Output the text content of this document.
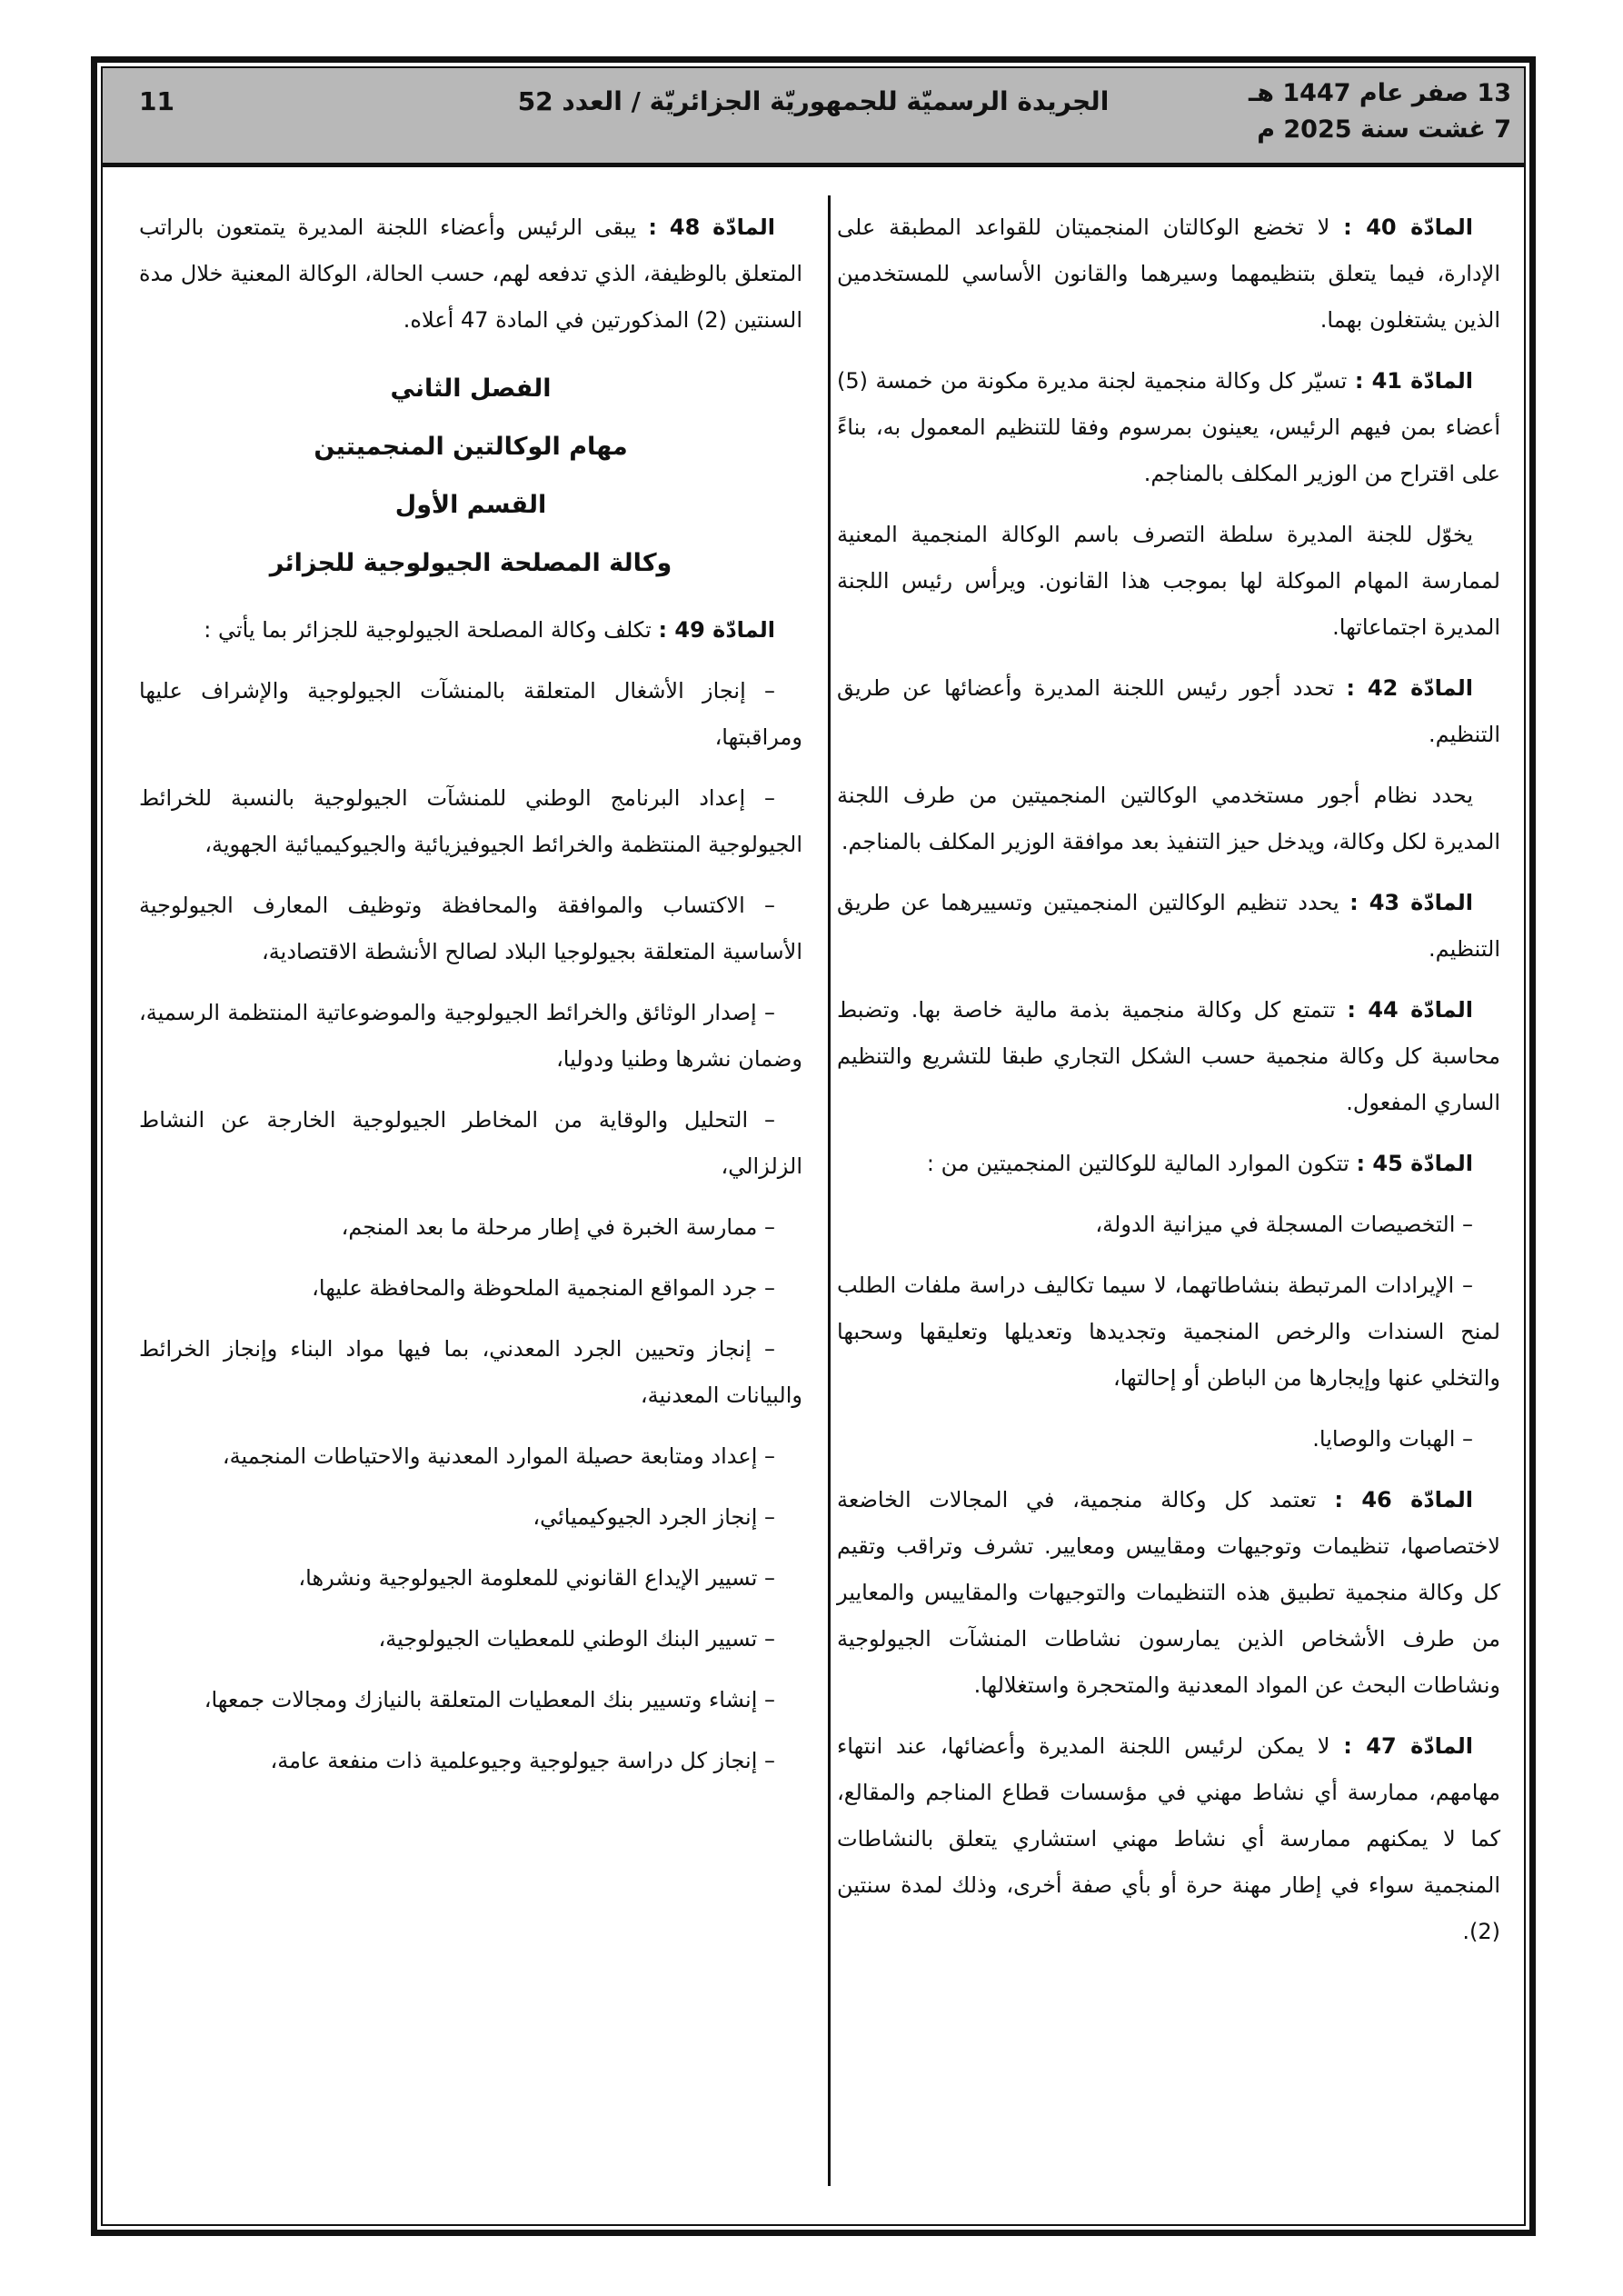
13 صفر عام 1447 هـ
7 غشت سنة 2025 م
الجريدة الرسميّة للجمهوريّة الجزائريّة / العدد 52
11

المادّة 40 : لا تخضع الوكالتان المنجميتان للقواعد المطبقة على الإدارة، فيما يتعلق بتنظيمهما وسيرهما والقانون الأساسي للمستخدمين الذين يشتغلون بهما.

المادّة 41 : تسيّر كل وكالة منجمية لجنة مديرة مكونة من خمسة (5) أعضاء بمن فيهم الرئيس، يعينون بمرسوم وفقا للتنظيم المعمول به، بناءً على اقتراح من الوزير المكلف بالمناجم.

يخوّل للجنة المديرة سلطة التصرف باسم الوكالة المنجمية المعنية لممارسة المهام الموكلة لها بموجب هذا القانون. ويرأس رئيس اللجنة المديرة اجتماعاتها.

المادّة 42 : تحدد أجور رئيس اللجنة المديرة وأعضائها عن طريق التنظيم.

يحدد نظام أجور مستخدمي الوكالتين المنجميتين من طرف اللجنة المديرة لكل وكالة، ويدخل حيز التنفيذ بعد موافقة الوزير المكلف بالمناجم.

المادّة 43 : يحدد تنظيم الوكالتين المنجميتين وتسييرهما عن طريق التنظيم.

المادّة 44 : تتمتع كل وكالة منجمية بذمة مالية خاصة بها. وتضبط محاسبة كل وكالة منجمية حسب الشكل التجاري طبقا للتشريع والتنظيم الساري المفعول.

المادّة 45 : تتكون الموارد المالية للوكالتين المنجميتين من :

– التخصيصات المسجلة في ميزانية الدولة،

– الإيرادات المرتبطة بنشاطاتهما، لا سيما تكاليف دراسة ملفات الطلب لمنح السندات والرخص المنجمية وتجديدها وتعديلها وتعليقها وسحبها والتخلي عنها وإيجارها من الباطن أو إحالتها،

– الهبات والوصايا.

المادّة 46 : تعتمد كل وكالة منجمية، في المجالات الخاضعة لاختصاصها، تنظيمات وتوجيهات ومقاييس ومعايير. تشرف وتراقب وتقيم كل وكالة منجمية تطبيق هذه التنظيمات والتوجيهات والمقاييس والمعايير من طرف الأشخاص الذين يمارسون نشاطات المنشآت الجيولوجية ونشاطات البحث عن المواد المعدنية والمتحجرة واستغلالها.

المادّة 47 : لا يمكن لرئيس اللجنة المديرة وأعضائها، عند انتهاء مهامهم، ممارسة أي نشاط مهني في مؤسسات قطاع المناجم والمقالع، كما لا يمكنهم ممارسة أي نشاط مهني استشاري يتعلق بالنشاطات المنجمية سواء في إطار مهنة حرة أو بأي صفة أخرى، وذلك لمدة سنتين (2).

المادّة 48 : يبقى الرئيس وأعضاء اللجنة المديرة يتمتعون بالراتب المتعلق بالوظيفة، الذي تدفعه لهم، حسب الحالة، الوكالة المعنية خلال مدة السنتين (2) المذكورتين في المادة 47 أعلاه.

الفصل الثاني
مهام الوكالتين المنجميتين
القسم الأول
وكالة المصلحة الجيولوجية للجزائر

المادّة 49 : تكلف وكالة المصلحة الجيولوجية للجزائر بما يأتي :

– إنجاز الأشغال المتعلقة بالمنشآت الجيولوجية والإشراف عليها ومراقبتها،

– إعداد البرنامج الوطني للمنشآت الجيولوجية بالنسبة للخرائط الجيولوجية المنتظمة والخرائط الجيوفيزيائية والجيوكيميائية الجهوية،

– الاكتساب والموافقة والمحافظة وتوظيف المعارف الجيولوجية الأساسية المتعلقة بجيولوجيا البلاد لصالح الأنشطة الاقتصادية،

– إصدار الوثائق والخرائط الجيولوجية والموضوعاتية المنتظمة الرسمية، وضمان نشرها وطنيا ودوليا،

– التحليل والوقاية من المخاطر الجيولوجية الخارجة عن النشاط الزلزالي،

– ممارسة الخبرة في إطار مرحلة ما بعد المنجم،

– جرد المواقع المنجمية الملحوظة والمحافظة عليها،

– إنجاز وتحيين الجرد المعدني، بما فيها مواد البناء وإنجاز الخرائط والبيانات المعدنية،

– إعداد ومتابعة حصيلة الموارد المعدنية والاحتياطات المنجمية،

– إنجاز الجرد الجيوكيميائي،

– تسيير الإيداع القانوني للمعلومة الجيولوجية ونشرها،

– تسيير البنك الوطني للمعطيات الجيولوجية،

– إنشاء وتسيير بنك المعطيات المتعلقة بالنيازك ومجالات جمعها،

– إنجاز كل دراسة جيولوجية وجيوعلمية ذات منفعة عامة،
